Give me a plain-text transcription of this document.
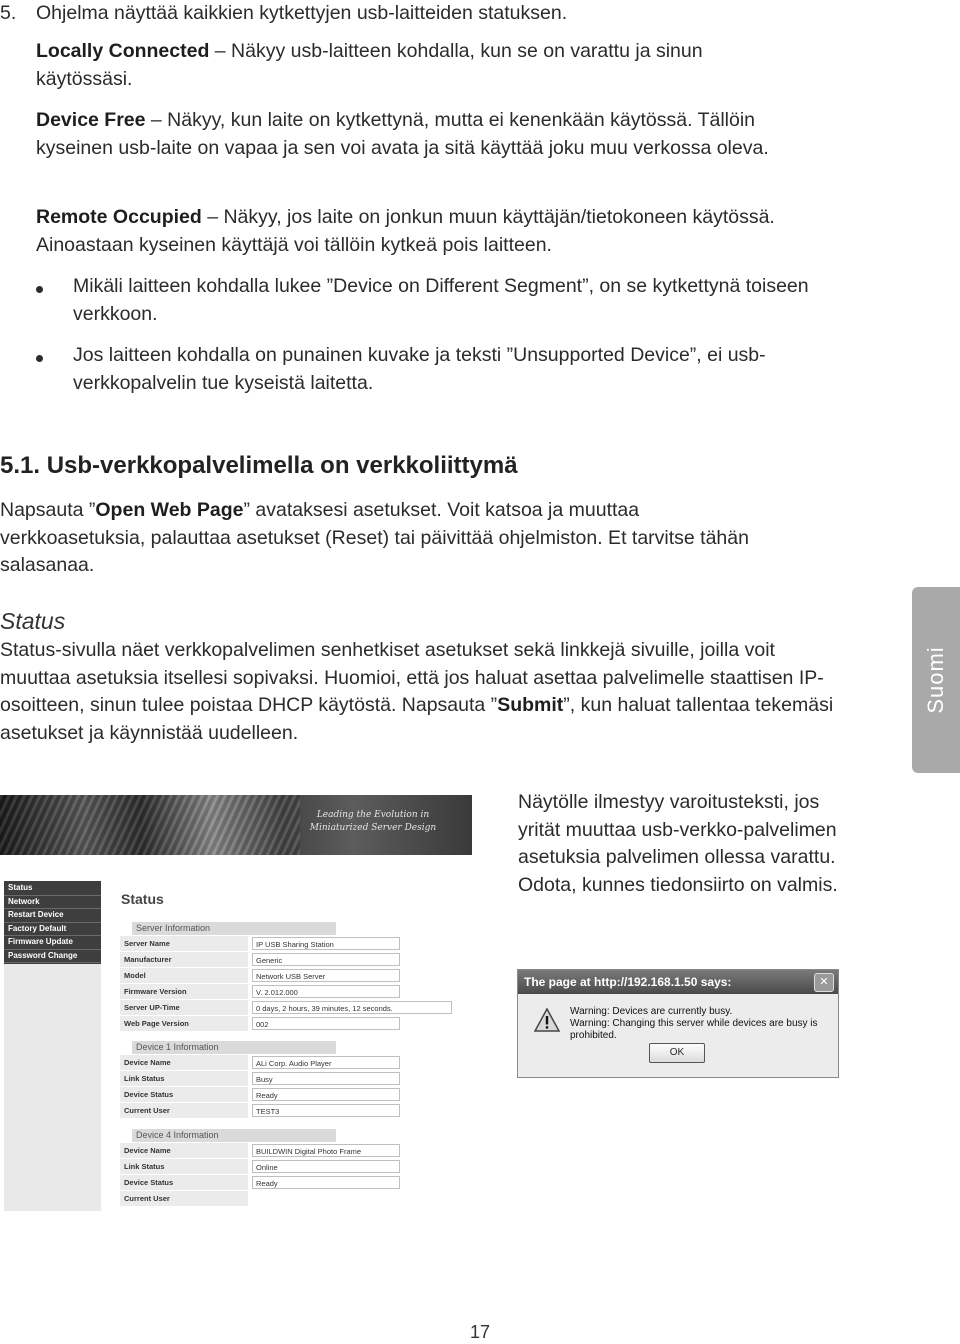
5. Ohjelma näyttää kaikkien kytkettyjen usb-laitteiden statuksen.

Locally Connected – Näkyy usb-laitteen kohdalla, kun se on varattu ja sinun käytössäsi.

Device Free – Näkyy, kun laite on kytkettynä, mutta ei kenenkään käytössä. Tällöin kyseinen usb-laite on vapaa ja sen voi avata ja sitä käyttää joku muu verkossa oleva.

Remote Occupied – Näkyy, jos laite on jonkun muun käyttäjän/tietokoneen käytössä. Ainoastaan kyseinen käyttäjä voi tällöin kytkeä pois laitteen.

Mikäli laitteen kohdalla lukee ”Device on Different Segment”, on se kytkettynä toiseen verkkoon.

Jos laitteen kohdalla on punainen kuvake ja teksti ”Unsupported Device”, ei usb-verkkopalvelin tue kyseistä laitetta.

5.1. Usb-verkkopalvelimella on verkkoliittymä

Napsauta ”Open Web Page” avataksesi asetukset. Voit katsoa ja muuttaa verkkoasetuksia, palauttaa asetukset (Reset) tai päivittää ohjelmiston. Et tarvitse tähän salasanaa.

Status

Status-sivulla näet verkkopalvelimen senhetkiset asetukset sekä linkkejä sivuille, joilla voit muuttaa asetuksia itsellesi sopivaksi. Huomioi, että jos haluat asettaa palvelimelle staattisen IP-osoitteen, sinun tulee poistaa DHCP käytöstä. Napsauta ”Submit”, kun haluat tallentaa tekemäsi asetukset ja käynnistää uudelleen.

Suomi
Leading the Evolution in
Miniaturized Server Design
Status
Network
Restart Device
Factory Default
Firmware Update
Password Change
Status
Server Information
Server Name	IP USB Sharing Station
Manufacturer	Generic
Model	Network USB Server
Firmware Version	V. 2.012.000
Server UP-Time	0 days, 2 hours, 39 minutes, 12 seconds.
Web Page Version	002
Device 1 Information
Device Name	ALi Corp. Audio Player
Link Status	Busy
Device Status	Ready
Current User	TEST3
Device 4 Information
Device Name	BUILDWIN Digital Photo Frame
Link Status	Online
Device Status	Ready
Current User

Näytölle ilmestyy varoitusteksti, jos yrität muuttaa usb-verkko-palvelimen asetuksia palvelimen ollessa varattu. Odota, kunnes tiedonsiirto on valmis.

The page at http://192.168.1.50 says:	✕
Warning: Devices are currently busy.
Warning: Changing this server while devices are busy is prohibited.
OK
17
